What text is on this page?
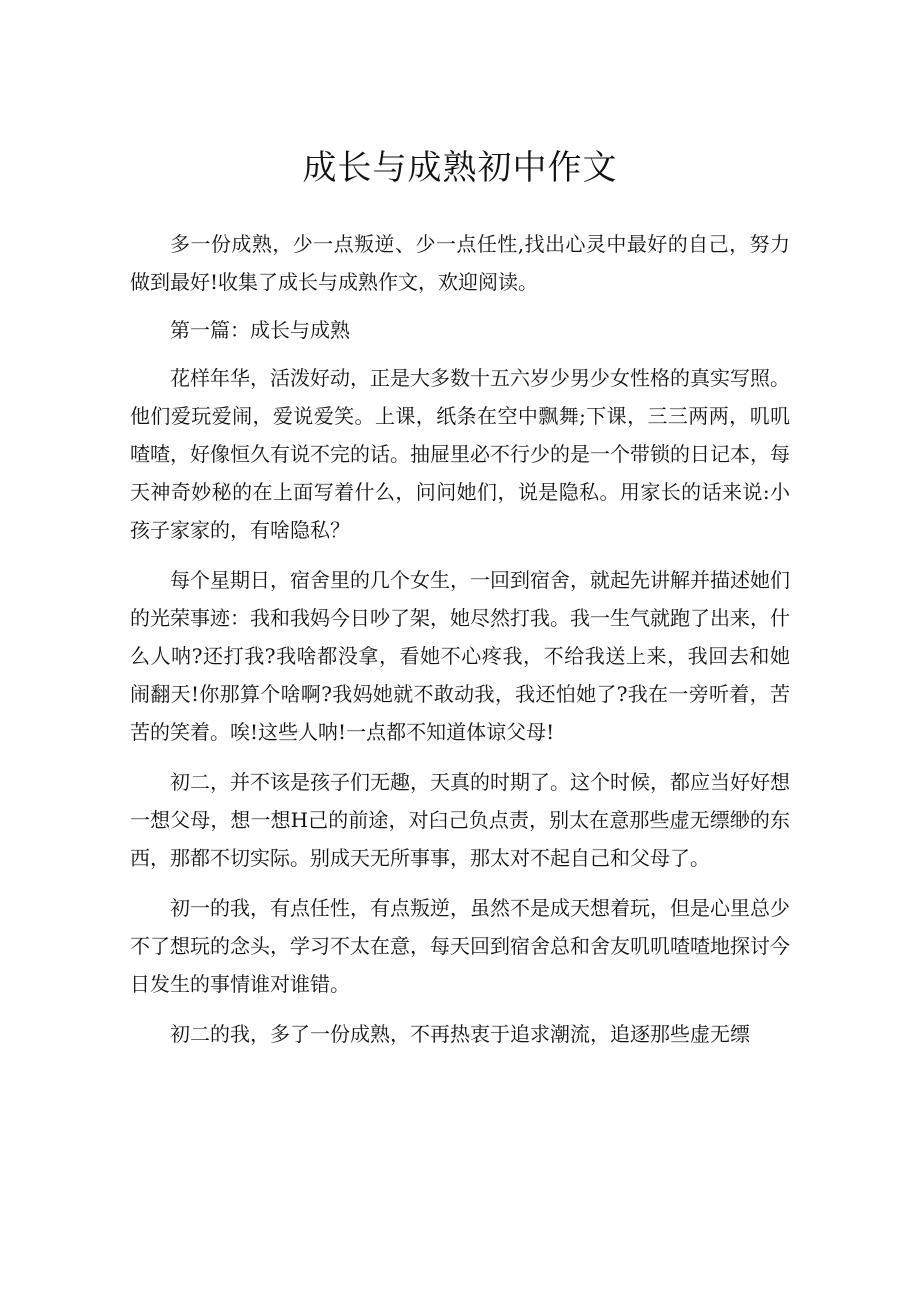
成长与成熟初中作文

多一份成熟，少一点叛逆、少一点任性,找出心灵中最好的自己，努力做到最好!收集了成长与成熟作文，欢迎阅读。

第一篇：成长与成熟

花样年华，活泼好动，正是大多数十五六岁少男少女性格的真实写照。他们爱玩爱闹，爱说爱笑。上课，纸条在空中飘舞;下课，三三两两，叽叽喳喳，好像恒久有说不完的话。抽屉里必不行少的是一个带锁的日记本，每天神奇妙秘的在上面写着什么，问问她们，说是隐私。用家长的话来说:小孩子家家的，有啥隐私？

每个星期日，宿舍里的几个女生，一回到宿舍，就起先讲解并描述她们的光荣事迹：我和我妈今日吵了架，她尽然打我。我一生气就跑了出来，什么人呐?还打我?我啥都没拿，看她不心疼我，不给我送上来，我回去和她闹翻天!你那算个啥啊?我妈她就不敢动我，我还怕她了?我在一旁听着，苦苦的笑着。唉!这些人呐!一点都不知道体谅父母!

初二，并不该是孩子们无趣，天真的时期了。这个时候，都应当好好想一想父母，想一想H己的前途，对臼己负点责，别太在意那些虚无缥缈的东西，那都不切实际。别成天无所事事，那太对不起自己和父母了。

初一的我，有点任性，有点叛逆，虽然不是成天想着玩，但是心里总少不了想玩的念头，学习不太在意，每天回到宿舍总和舍友叽叽喳喳地探讨今日发生的事情谁对谁错。

初二的我，多了一份成熟，不再热衷于追求潮流，追逐那些虚无缥
